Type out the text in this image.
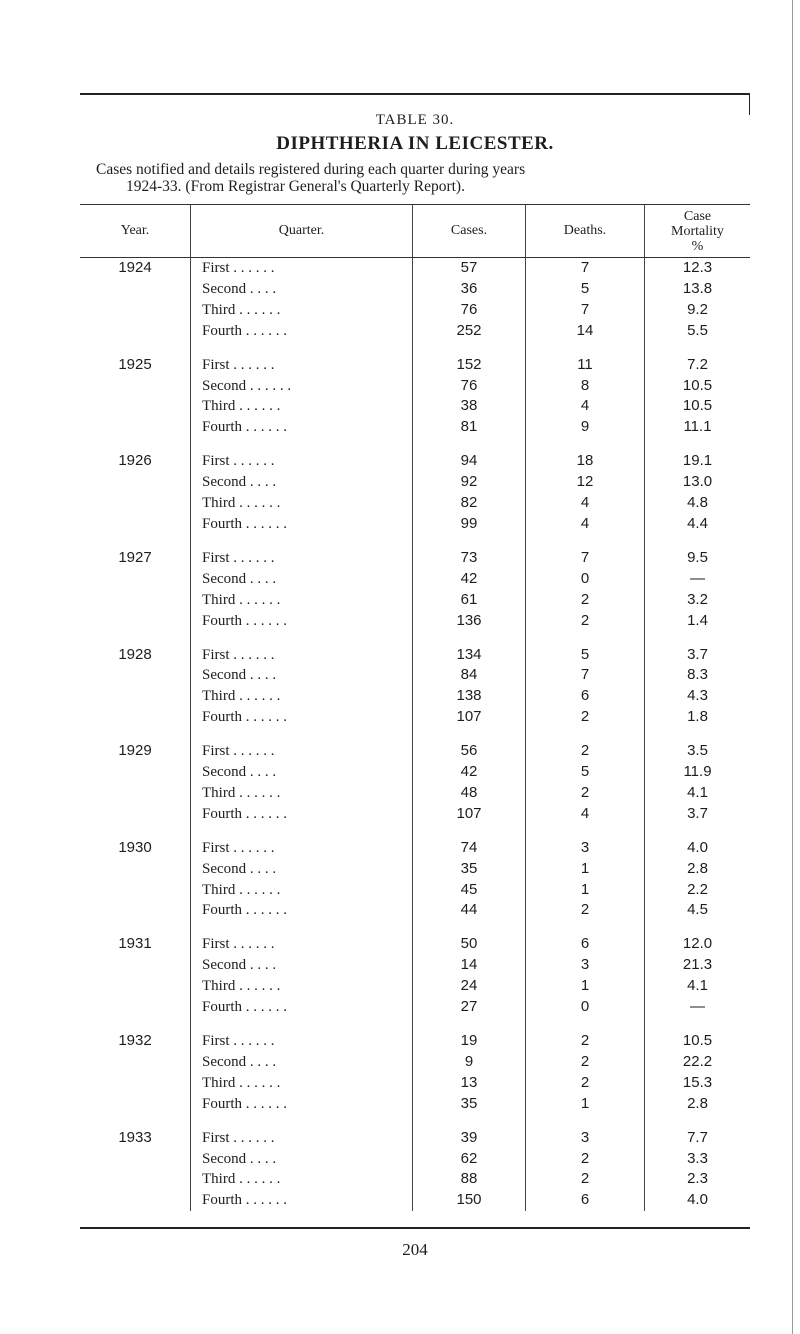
TABLE 30.
DIPHTHERIA IN LEICESTER.
Cases notified and details registered during each quarter during years
1924-33. (From Registrar General's Quarterly Report).
Year.	Quarter.	Cases.	Deaths.	Case
Mortality
%

1924	First . . . . . .	57	7	12.3
	Second . . . .	36	5	13.8
	Third . . . . . .	76	7	9.2
	Fourth . . . . . .	252	14	5.5

1925	First . . . . . .	152	11	7.2
	Second . . . . . .	76	8	10.5
	Third . . . . . .	38	4	10.5
	Fourth . . . . . .	81	9	11.1

1926	First . . . . . .	94	18	19.1
	Second . . . .	92	12	13.0
	Third . . . . . .	82	4	4.8
	Fourth . . . . . .	99	4	4.4

1927	First . . . . . .	73	7	9.5
	Second . . . .	42	0	—
	Third . . . . . .	61	2	3.2
	Fourth . . . . . .	136	2	1.4

1928	First . . . . . .	134	5	3.7
	Second . . . .	84	7	8.3
	Third . . . . . .	138	6	4.3
	Fourth . . . . . .	107	2	1.8

1929	First . . . . . .	56	2	3.5
	Second . . . .	42	5	11.9
	Third . . . . . .	48	2	4.1
	Fourth . . . . . .	107	4	3.7

1930	First . . . . . .	74	3	4.0
	Second . . . .	35	1	2.8
	Third . . . . . .	45	1	2.2
	Fourth . . . . . .	44	2	4.5

1931	First . . . . . .	50	6	12.0
	Second . . . .	14	3	21.3
	Third . . . . . .	24	1	4.1
	Fourth . . . . . .	27	0	—

1932	First . . . . . .	19	2	10.5
	Second . . . .	9	2	22.2
	Third . . . . . .	13	2	15.3
	Fourth . . . . . .	35	1	2.8

1933	First . . . . . .	39	3	7.7
	Second . . . .	62	2	3.3
	Third . . . . . .	88	2	2.3
	Fourth . . . . . .	150	6	4.0
204
